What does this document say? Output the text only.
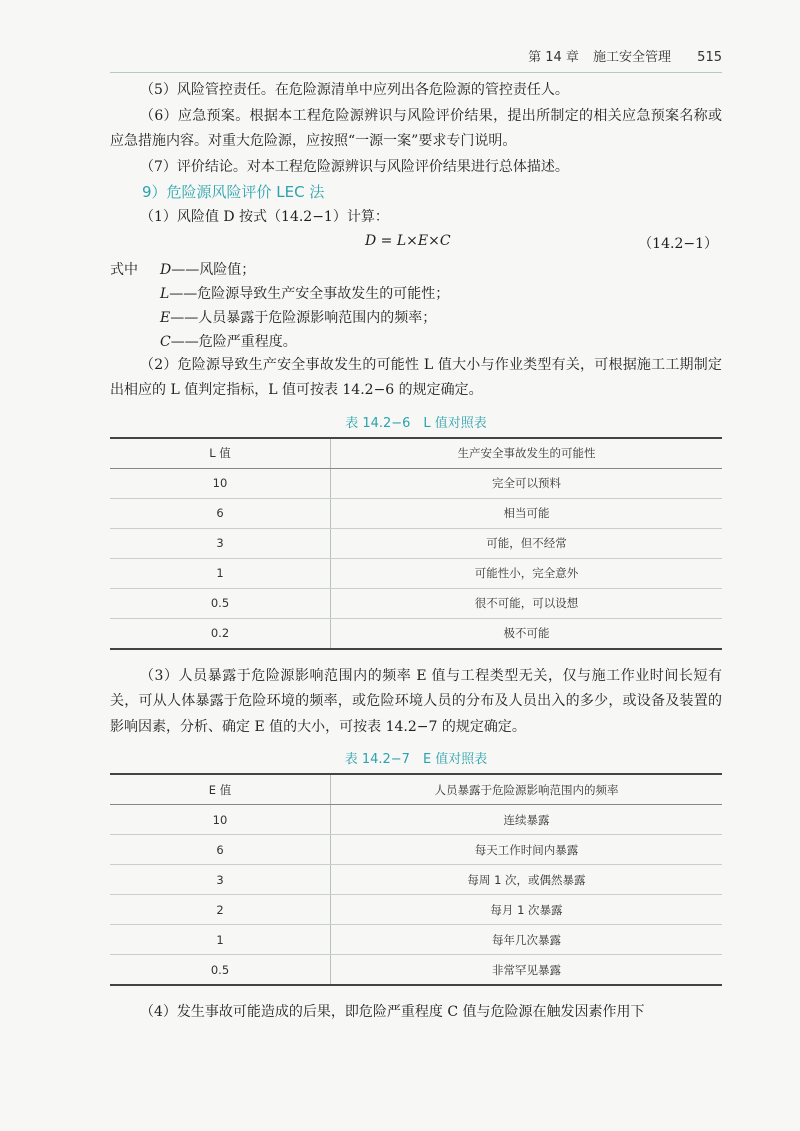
第 14 章 施工安全管理 515

（5）风险管控责任。在危险源清单中应列出各危险源的管控责任人。

（6）应急预案。根据本工程危险源辨识与风险评价结果，提出所制定的相关应急预案名称或应急措施内容。对重大危险源，应按照“一源一案”要求专门说明。

（7）评价结论。对本工程危险源辨识与风险评价结果进行总体描述。

9）危险源风险评价 LEC 法

（1）风险值 D 按式（14.2−1）计算：

D = L×E×C	（14.2−1）
式中 D——风险值；
L——危险源导致生产安全事故发生的可能性；
E——人员暴露于危险源影响范围内的频率；
C——危险严重程度。

（2）危险源导致生产安全事故发生的可能性 L 值大小与作业类型有关，可根据施工工期制定出相应的 L 值判定指标，L 值可按表 14.2−6 的规定确定。

表 14.2−6　L 值对照表
L 值	生产安全事故发生的可能性
10	完全可以预料
6	相当可能
3	可能，但不经常
1	可能性小，完全意外
0.5	很不可能，可以设想
0.2	极不可能

（3）人员暴露于危险源影响范围内的频率 E 值与工程类型无关，仅与施工作业时间长短有关，可从人体暴露于危险环境的频率，或危险环境人员的分布及人员出入的多少，或设备及装置的影响因素，分析、确定 E 值的大小，可按表 14.2−7 的规定确定。

表 14.2−7　E 值对照表
E 值	人员暴露于危险源影响范围内的频率
10	连续暴露
6	每天工作时间内暴露
3	每周 1 次，或偶然暴露
2	每月 1 次暴露
1	每年几次暴露
0.5	非常罕见暴露

（4）发生事故可能造成的后果，即危险严重程度 C 值与危险源在触发因素作用下
